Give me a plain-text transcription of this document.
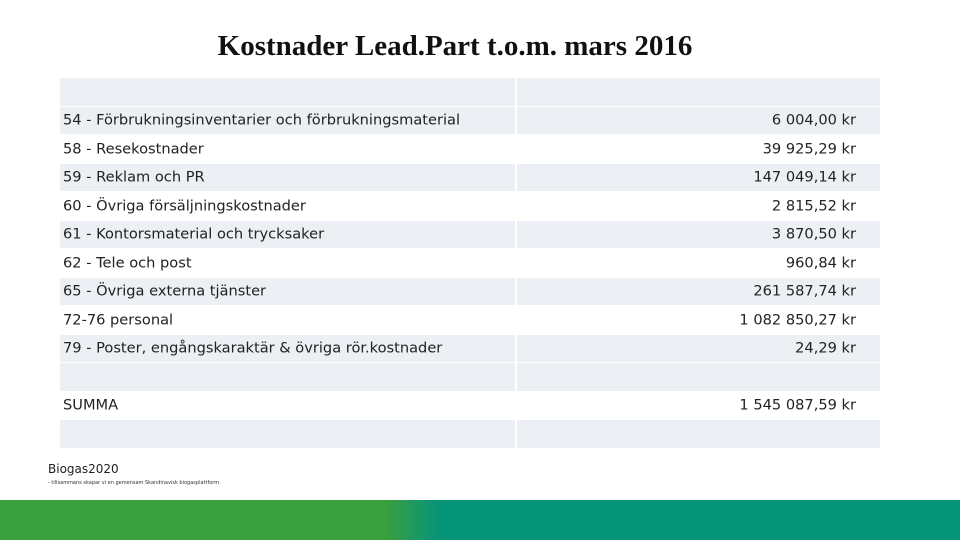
Kostnader Lead.Part t.o.m. mars 2016
54 - Förbrukningsinventarier och förbrukningsmaterial	6 004,00 kr
58 - Resekostnader	39 925,29 kr
59 - Reklam och PR	147 049,14 kr
60 - Övriga försäljningskostnader	2 815,52 kr
61 - Kontorsmaterial och trycksaker	3 870,50 kr
62 - Tele och post	960,84 kr
65 - Övriga externa tjänster	261 587,74 kr
72-76 personal	1 082 850,27 kr
79 - Poster, engångskaraktär & övriga rör.kostnader	24,29 kr
SUMMA	1 545 087,59 kr
Biogas2020
- tillsammans skapar vi en gemensam Skandinavisk biogasplattform
